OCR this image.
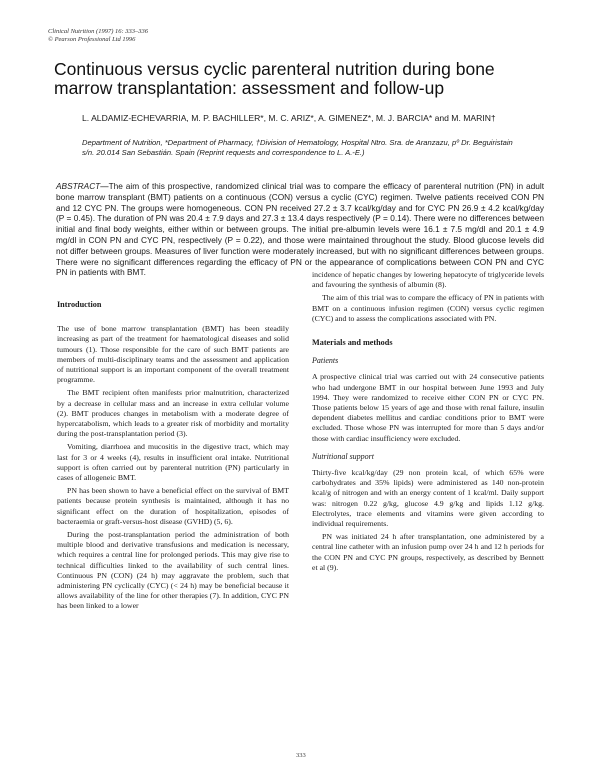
Clinical Nutrition (1997) 16: 333–336
© Pearson Professional Ltd 1996
Continuous versus cyclic parenteral nutrition during bone marrow transplantation: assessment and follow-up
L. ALDAMIZ-ECHEVARRIA, M. P. BACHILLER*, M. C. ARIZ*, A. GIMENEZ*, M. J. BARCIA* and M. MARIN†
Department of Nutrition, *Department of Pharmacy, †Division of Hematology, Hospital Ntro. Sra. de Aranzazu, pº Dr. Beguiristain s/n. 20.014 San Sebastián. Spain (Reprint requests and correspondence to L. A.-E.)
ABSTRACT—The aim of this prospective, randomized clinical trial was to compare the efficacy of parenteral nutrition (PN) in adult bone marrow transplant (BMT) patients on a continuous (CON) versus a cyclic (CYC) regimen. Twelve patients received CON PN and 12 CYC PN. The groups were homogeneous. CON PN received 27.2 ± 3.7 kcal/kg/day and for CYC PN 26.9 ± 4.2 kcal/kg/day (P = 0.45). The duration of PN was 20.4 ± 7.9 days and 27.3 ± 13.4 days respectively (P = 0.14). There were no differences between initial and final body weights, either within or between groups. The initial pre-albumin levels were 16.1 ± 7.5 mg/dl and 20.1 ± 4.9 mg/dl in CON PN and CYC PN, respectively (P = 0.22), and those were maintained throughout the study. Blood glucose levels did not differ between groups. Measures of liver function were moderately increased, but with no significant differences between groups. There were no significant differences regarding the efficacy of PN or the appearance of complications between CON PN and CYC PN in patients with BMT.
Introduction

The use of bone marrow transplantation (BMT) has been steadily increasing as part of the treatment for haematological diseases and solid tumours (1). Those responsible for the care of such BMT patients are members of multi-disciplinary teams and the assessment and application of nutritional support is an important component of the overall treatment programme.

The BMT recipient often manifests prior malnutrition, characterized by a decrease in cellular mass and an increase in extra cellular volume (2). BMT produces changes in metabolism with a moderate degree of hypercatabolism, which leads to a greater risk of morbidity and mortality during the post-transplantation period (3).

Vomiting, diarrhoea and mucositis in the digestive tract, which may last for 3 or 4 weeks (4), results in insufficient oral intake. Nutritional support is often carried out by parenteral nutrition (PN) particularly in cases of allogeneic BMT.

PN has been shown to have a beneficial effect on the survival of BMT patients because protein synthesis is maintained, although it has no significant effect on the duration of hospitalization, episodes of bacteraemia or graft-versus-host disease (GVHD) (5, 6).

During the post-transplantation period the administration of both multiple blood and derivative transfusions and medication is necessary, which requires a central line for prolonged periods. This may give rise to technical difficulties linked to the availability of such central lines. Continuous PN (CON) (24 h) may aggravate the problem, such that administering PN cyclically (CYC) (< 24 h) may be beneficial because it allows availability of the line for other therapies (7). In addition, CYC PN has been linked to a lower

incidence of hepatic changes by lowering hepatocyte of triglyceride levels and favouring the synthesis of albumin (8).

The aim of this trial was to compare the efficacy of PN in patients with BMT on a continuous infusion regimen (CON) versus cyclic regimen (CYC) and to assess the complications associated with PN.

Materials and methods
Patients

A prospective clinical trial was carried out with 24 consecutive patients who had undergone BMT in our hospital between June 1993 and July 1994. They were randomized to receive either CON PN or CYC PN. Those patients below 15 years of age and those with renal failure, insulin dependent diabetes mellitus and cardiac conditions prior to BMT were excluded. Those whose PN was interrupted for more than 5 days and/or those with cardiac insufficiency were excluded.

Nutritional support

Thirty-five kcal/kg/day (29 non protein kcal, of which 65% were carbohydrates and 35% lipids) were administered as 140 non-protein kcal/g of nitrogen and with an energy content of 1 kcal/ml. Daily support was: nitrogen 0.22 g/kg, glucose 4.9 g/kg and lipids 1.12 g/kg. Electrolytes, trace elements and vitamins were given according to individual requirements.

PN was initiated 24 h after transplantation, one administered by a central line catheter with an infusion pump over 24 h and 12 h periods for the CON PN and CYC PN groups, respectively, as described by Bennett et al (9).

333
